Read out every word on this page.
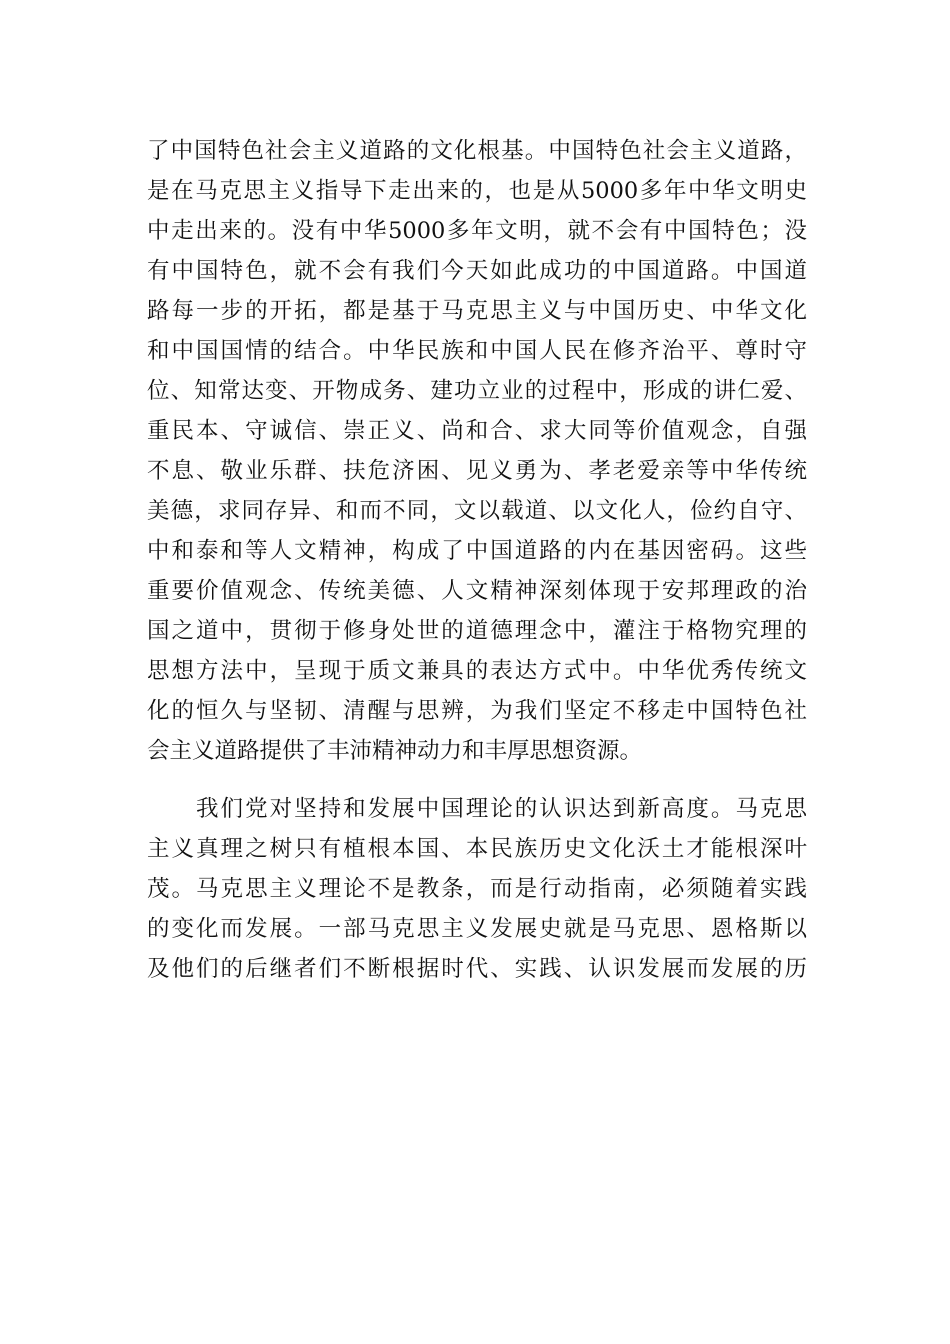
了中国特色社会主义道路的文化根基。中国特色社会主义道路，
是在马克思主义指导下走出来的，也是从5000多年中华文明史
中走出来的。没有中华5000多年文明，就不会有中国特色；没
有中国特色，就不会有我们今天如此成功的中国道路。中国道
路每一步的开拓，都是基于马克思主义与中国历史、中华文化
和中国国情的结合。中华民族和中国人民在修齐治平、尊时守
位、知常达变、开物成务、建功立业的过程中，形成的讲仁爱、
重民本、守诚信、崇正义、尚和合、求大同等价值观念，自强
不息、敬业乐群、扶危济困、见义勇为、孝老爱亲等中华传统
美德，求同存异、和而不同，文以载道、以文化人，俭约自守、
中和泰和等人文精神，构成了中国道路的内在基因密码。这些
重要价值观念、传统美德、人文精神深刻体现于安邦理政的治
国之道中，贯彻于修身处世的道德理念中，灌注于格物究理的
思想方法中，呈现于质文兼具的表达方式中。中华优秀传统文
化的恒久与坚韧、清醒与思辨，为我们坚定不移走中国特色社
会主义道路提供了丰沛精神动力和丰厚思想资源。
　　我们党对坚持和发展中国理论的认识达到新高度。马克思
主义真理之树只有植根本国、本民族历史文化沃土才能根深叶
茂。马克思主义理论不是教条，而是行动指南，必须随着实践
的变化而发展。一部马克思主义发展史就是马克思、恩格斯以
及他们的后继者们不断根据时代、实践、认识发展而发展的历
